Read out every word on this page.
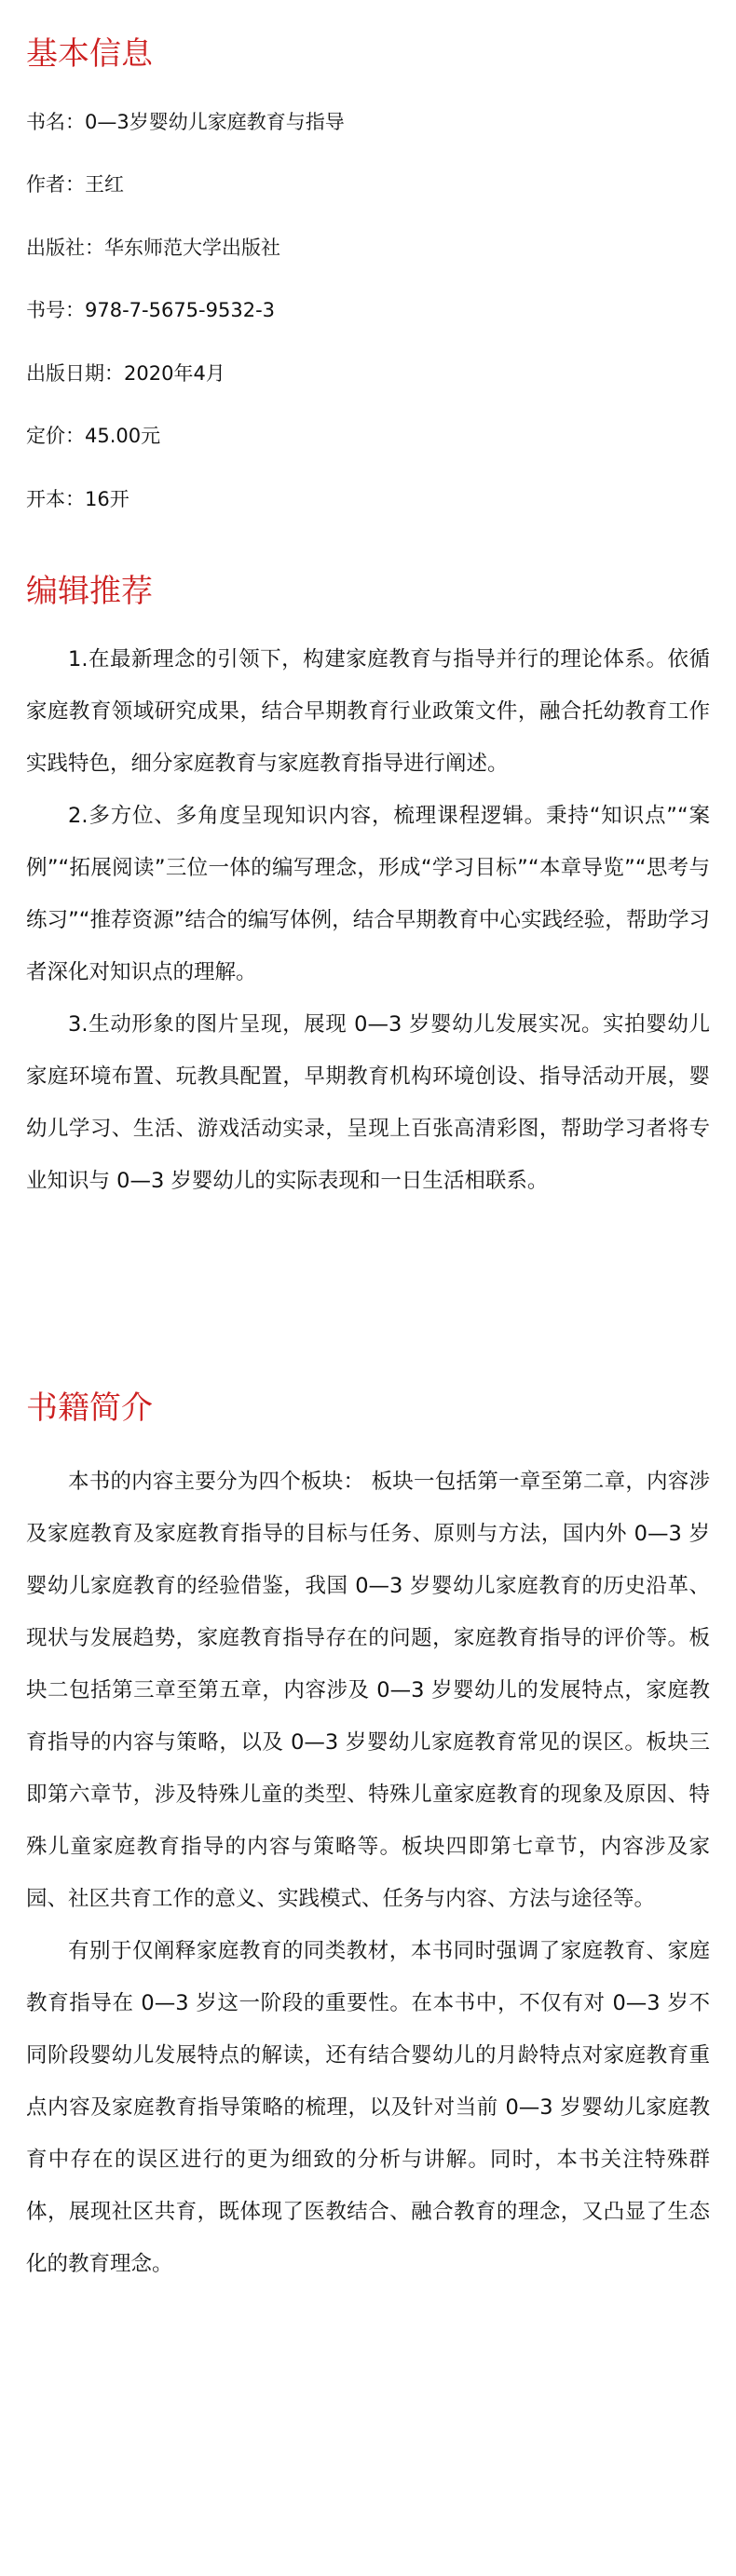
基本信息

书名：0—3岁婴幼儿家庭教育与指导

作者：王红

出版社：华东师范大学出版社

书号：978-7-5675-9532-3

出版日期：2020年4月

定价：45.00元

开本：16开

编辑推荐

1.在最新理念的引领下，构建家庭教育与指导并行的理论体系。依循家庭教育领域研究成果，结合早期教育行业政策文件，融合托幼教育工作实践特色，细分家庭教育与家庭教育指导进行阐述。

2.多方位、多角度呈现知识内容，梳理课程逻辑。秉持“知识点”“案例”“拓展阅读”三位一体的编写理念，形成“学习目标”“本章导览”“思考与练习”“推荐资源”结合的编写体例，结合早期教育中心实践经验，帮助学习者深化对知识点的理解。

3.生动形象的图片呈现，展现 0—3 岁婴幼儿发展实况。实拍婴幼儿家庭环境布置、玩教具配置，早期教育机构环境创设、指导活动开展，婴幼儿学习、生活、游戏活动实录，呈现上百张高清彩图，帮助学习者将专业知识与 0—3 岁婴幼儿的实际表现和一日生活相联系。

书籍简介

本书的内容主要分为四个板块： 板块一包括第一章至第二章，内容涉及家庭教育及家庭教育指导的目标与任务、原则与方法，国内外 0—3 岁婴幼儿家庭教育的经验借鉴，我国 0—3 岁婴幼儿家庭教育的历史沿革、现状与发展趋势，家庭教育指导存在的问题，家庭教育指导的评价等。板块二包括第三章至第五章，内容涉及 0—3 岁婴幼儿的发展特点，家庭教育指导的内容与策略，以及 0—3 岁婴幼儿家庭教育常见的误区。板块三即第六章节，涉及特殊儿童的类型、特殊儿童家庭教育的现象及原因、特殊儿童家庭教育指导的内容与策略等。板块四即第七章节，内容涉及家园、社区共育工作的意义、实践模式、任务与内容、方法与途径等。

有别于仅阐释家庭教育的同类教材，本书同时强调了家庭教育、家庭教育指导在 0—3 岁这一阶段的重要性。在本书中，不仅有对 0—3 岁不同阶段婴幼儿发展特点的解读，还有结合婴幼儿的月龄特点对家庭教育重点内容及家庭教育指导策略的梳理，以及针对当前 0—3 岁婴幼儿家庭教育中存在的误区进行的更为细致的分析与讲解。同时，本书关注特殊群体，展现社区共育，既体现了医教结合、融合教育的理念，又凸显了生态化的教育理念。
